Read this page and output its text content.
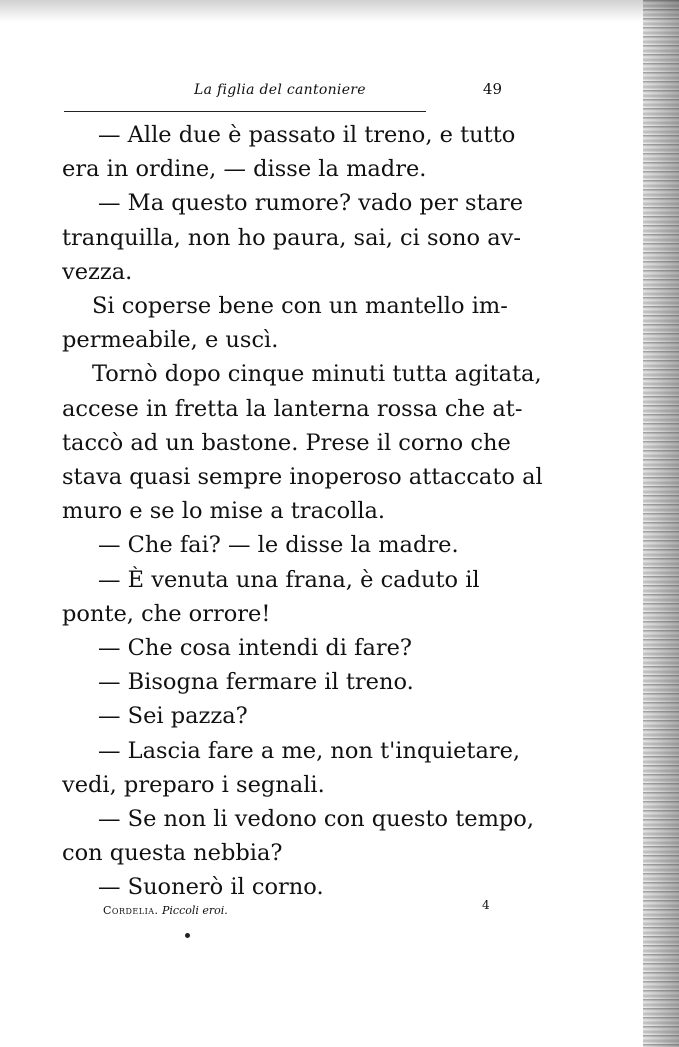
La figlia del cantoniere	49
— Alle due è passato il treno, e tutto
era in ordine, — disse la madre.
— Ma questo rumore? vado per stare
tranquilla, non ho paura, sai, ci sono av-
vezza.
Si coperse bene con un mantello im-
permeabile, e uscì.
Tornò dopo cinque minuti tutta agitata,
accese in fretta la lanterna rossa che at-
taccò ad un bastone. Prese il corno che
stava quasi sempre inoperoso attaccato al
muro e se lo mise a tracolla.
— Che fai? — le disse la madre.
— È venuta una frana, è caduto il
ponte, che orrore!
— Che cosa intendi di fare?
— Bisogna fermare il treno.
— Sei pazza?
— Lascia fare a me, non t'inquietare,
vedi, preparo i segnali.
— Se non li vedono con questo tempo,
con questa nebbia?
— Suonerò il corno.
Cordelia. Piccoli eroi.	4
